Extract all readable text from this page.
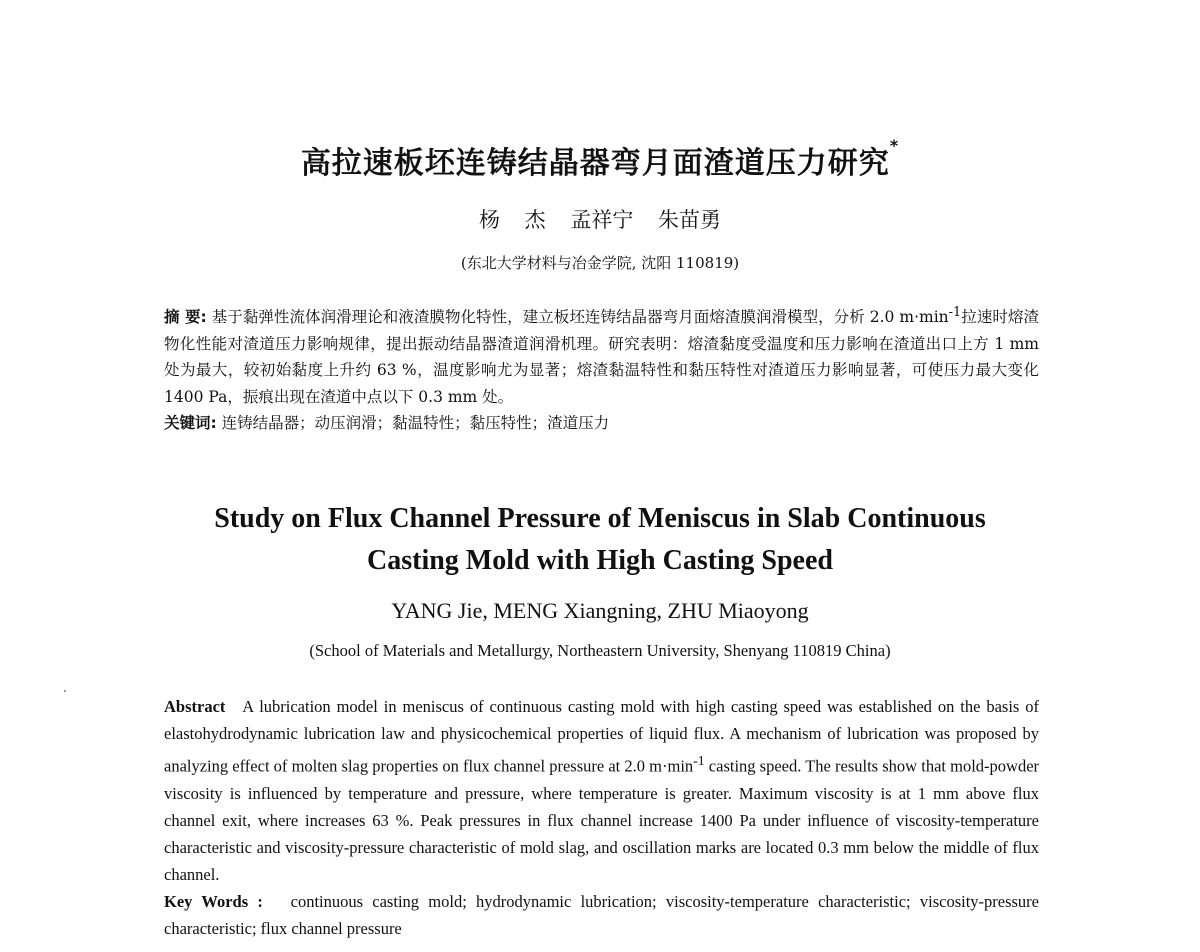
高拉速板坯连铸结晶器弯月面渣道压力研究*
杨 杰 孟祥宁 朱苗勇
(东北大学材料与冶金学院, 沈阳 110819)

摘 要: 基于黏弹性流体润滑理论和液渣膜物化特性，建立板坯连铸结晶器弯月面熔渣膜润滑模型，分析 2.0 $m\cdot\min^{-1}$拉速时熔渣物化性能对渣道压力影响规律，提出振动结晶器渣道润滑机理。研究表明：熔渣黏度受温度和压力影响在渣道出口上方 1 mm 处为最大，较初始黏度上升约 63 %，温度影响尤为显著；熔渣黏温特性和黏压特性对渣道压力影响显著，可使压力最大变化 1400 Pa，振痕出现在渣道中点以下 0.3 mm 处。

关键词: 连铸结晶器；动压润滑；黏温特性；黏压特性；渣道压力

Study on Flux Channel Pressure of Meniscus in Slab Continuous
Casting Mold with High Casting Speed
YANG Jie, MENG Xiangning, ZHU Miaoyong
(School of Materials and Metallurgy, Northeastern University, Shenyang 110819 China)

Abstract A lubrication model in meniscus of continuous casting mold with high casting speed was established on the basis of elastohydrodynamic lubrication law and physicochemical properties of liquid flux. A mechanism of lubrication was proposed by analyzing effect of molten slag properties on flux channel pressure at 2.0 $m\cdot\min^{-1}$ casting speed. The results show that mold-powder viscosity is influenced by temperature and pressure, where temperature is greater. Maximum viscosity is at 1 mm above flux channel exit, where increases 63 %. Peak pressures in flux channel increase 1400 Pa under influence of viscosity-temperature characteristic and viscosity-pressure characteristic of mold slag, and oscillation marks are located 0.3 mm below the middle of flux channel.

Key Words : continuous casting mold; hydrodynamic lubrication; viscosity-temperature characteristic; viscosity-pressure characteristic; flux channel pressure
